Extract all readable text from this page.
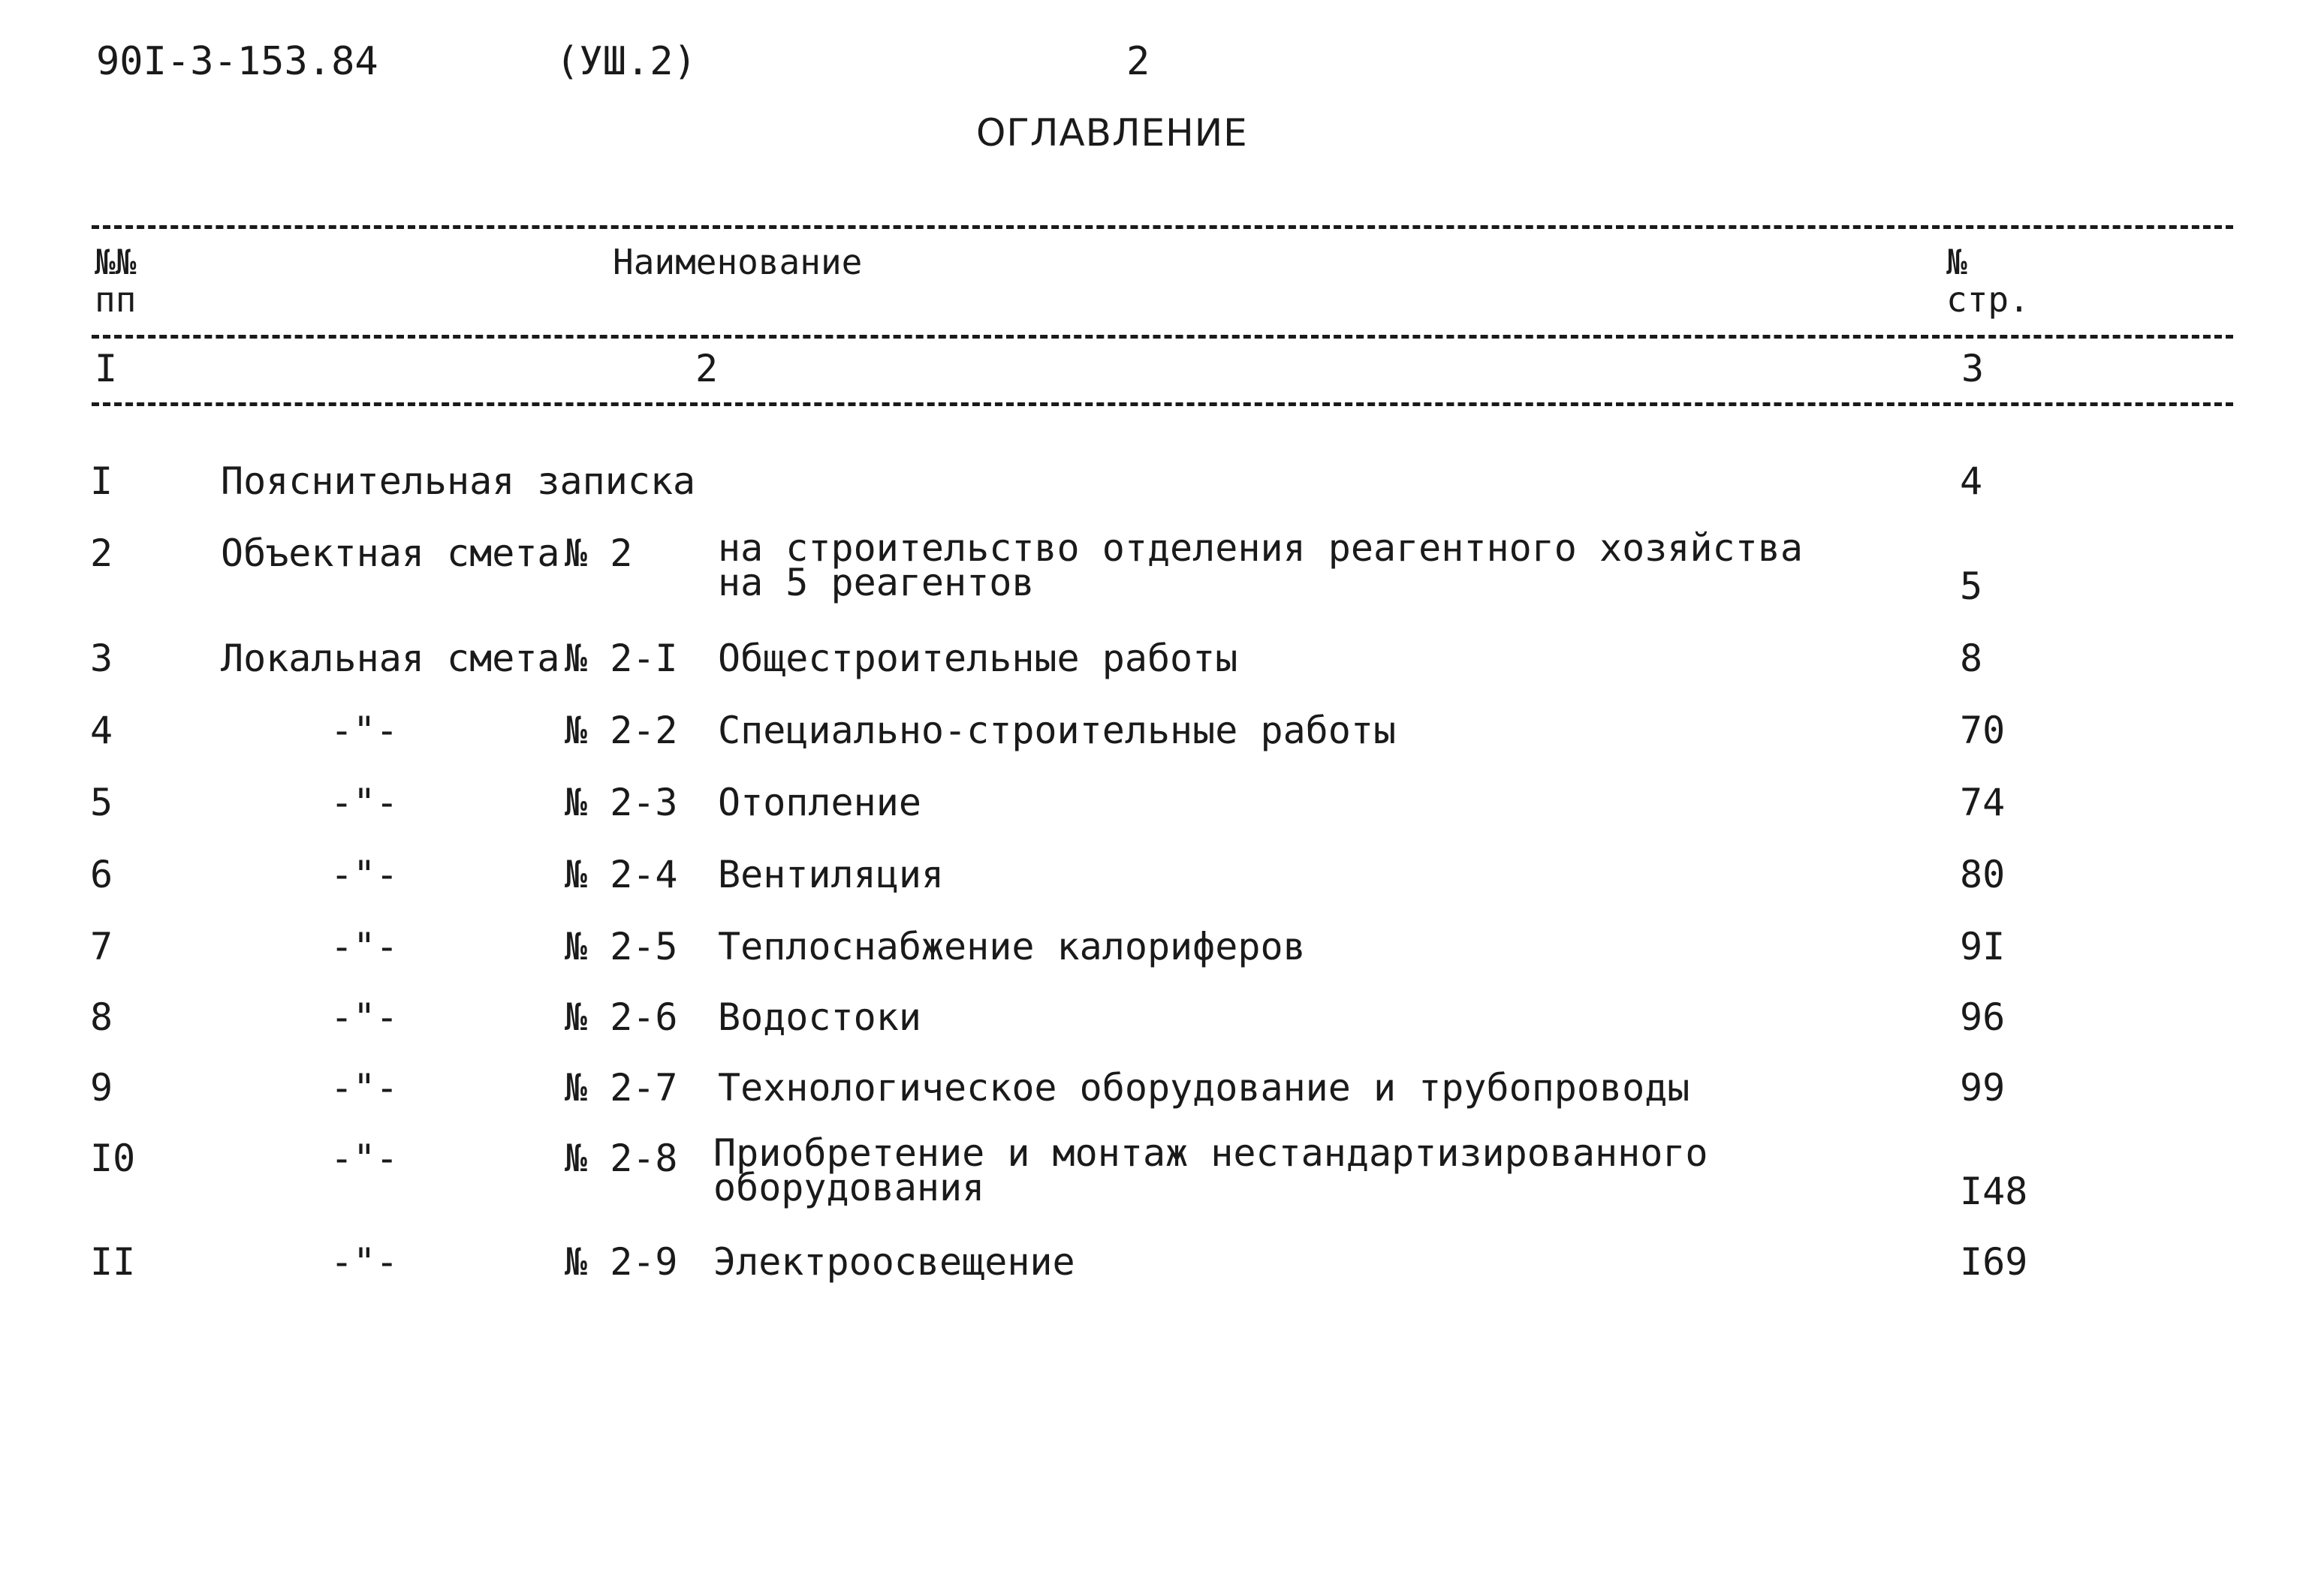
90I-3-153.84	(УШ.2)	2
ОГЛАВЛЕНИЕ
№№
пп
Наименование	№
стр.
I	2	3
I	Пояснительная записка	4
2	Объектная смета № 2 на строительство отделения реагентного хозяйства
на 5 реагентов	5
3	Локальная смета № 2-I Общестроительные работы	8
4	-"-	№ 2-2 Специально-строительные работы	70
5	-"-	№ 2-3 Отопление	74
6	-"-	№ 2-4 Вентиляция	80
7	-"-	№ 2-5 Теплоснабжение калориферов	9I
8	-"-	№ 2-6 Водостоки	96
9	-"-	№ 2-7 Технологическое оборудование и трубопроводы	99
I0	-"-	№ 2-8 Приобретение и монтаж нестандартизированного
оборудования	I48
II	-"-	№ 2-9 Электроосвещение	I69
